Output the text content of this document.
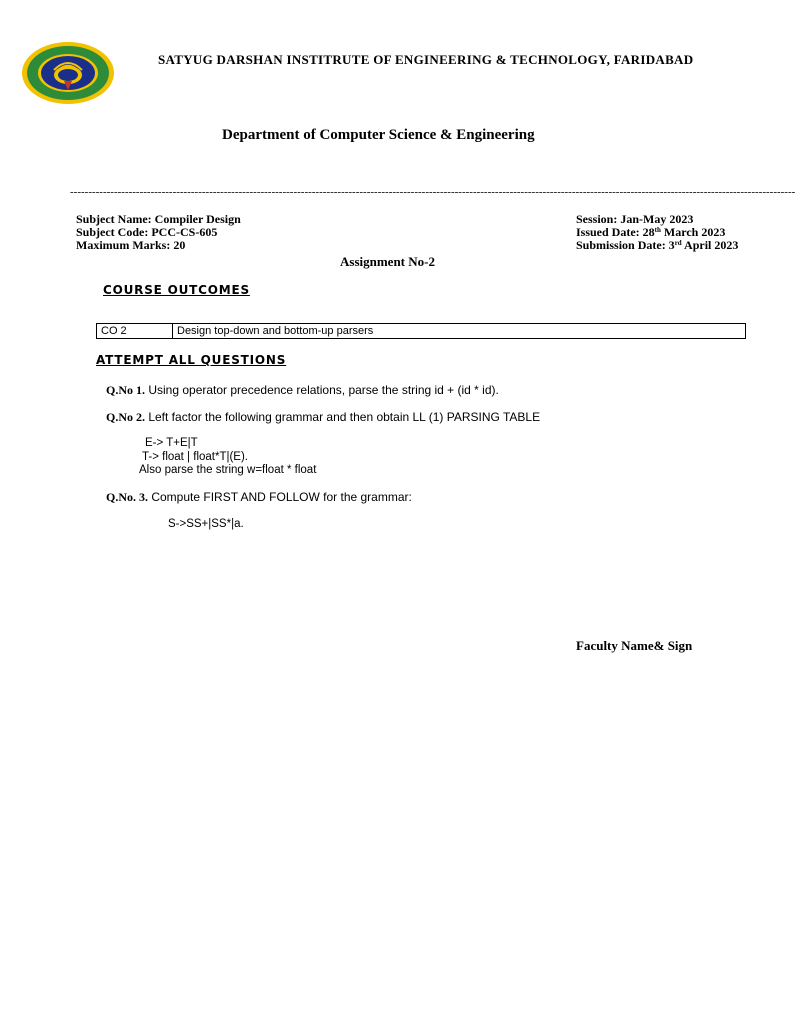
SATYUG DARSHAN INSTITRUTE OF ENGINEERING & TECHNOLOGY, FARIDABAD
Department of Computer Science & Engineering
------------------------------------------------------------------------------------------------------------------------------------------------------------------------------------------------------
Subject Name: Compiler Design
Subject Code: PCC-CS-605
Maximum Marks: 20
Session: Jan-May 2023
Issued Date: 28th March 2023
Submission Date: 3rd April 2023
Assignment No-2
COURSE OUTCOMES
CO 2	Design top-down and bottom-up parsers
ATTEMPT ALL QUESTIONS
Q.No 1. Using operator precedence relations, parse the string id + (id * id).
Q.No 2. Left factor the following grammar and then obtain LL (1) PARSING TABLE
E-> T+E|T
T-> float | float*T|(E).
Also parse the string w=float * float
Q.No. 3. Compute FIRST AND FOLLOW for the grammar:
S->SS+|SS*|a.
Faculty Name& Sign
